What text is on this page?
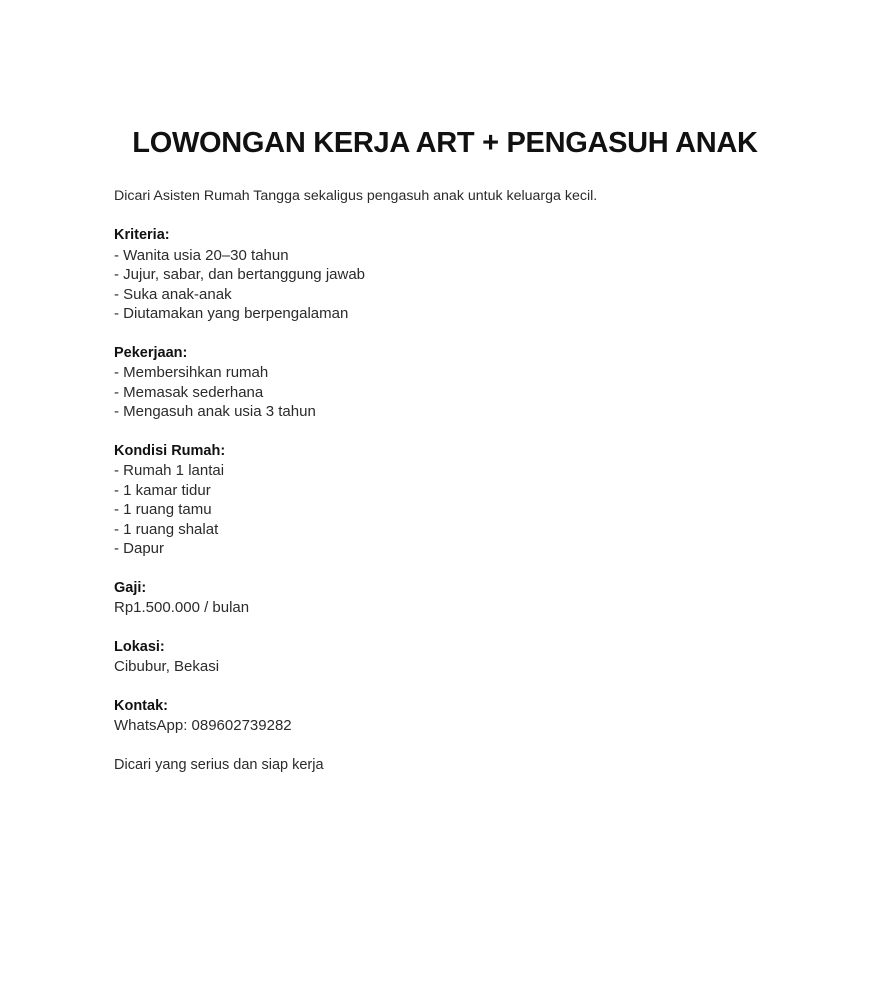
LOWONGAN KERJA ART + PENGASUH ANAK

Dicari Asisten Rumah Tangga sekaligus pengasuh anak untuk keluarga kecil.

Kriteria:
- Wanita usia 20–30 tahun
- Jujur, sabar, dan bertanggung jawab
- Suka anak-anak
- Diutamakan yang berpengalaman
Pekerjaan:
- Membersihkan rumah
- Memasak sederhana
- Mengasuh anak usia 3 tahun
Kondisi Rumah:
- Rumah 1 lantai
- 1 kamar tidur
- 1 ruang tamu
- 1 ruang shalat
- Dapur
Gaji:
Rp1.500.000 / bulan
Lokasi:
Cibubur, Bekasi
Kontak:
WhatsApp: 089602739282

Dicari yang serius dan siap kerja
